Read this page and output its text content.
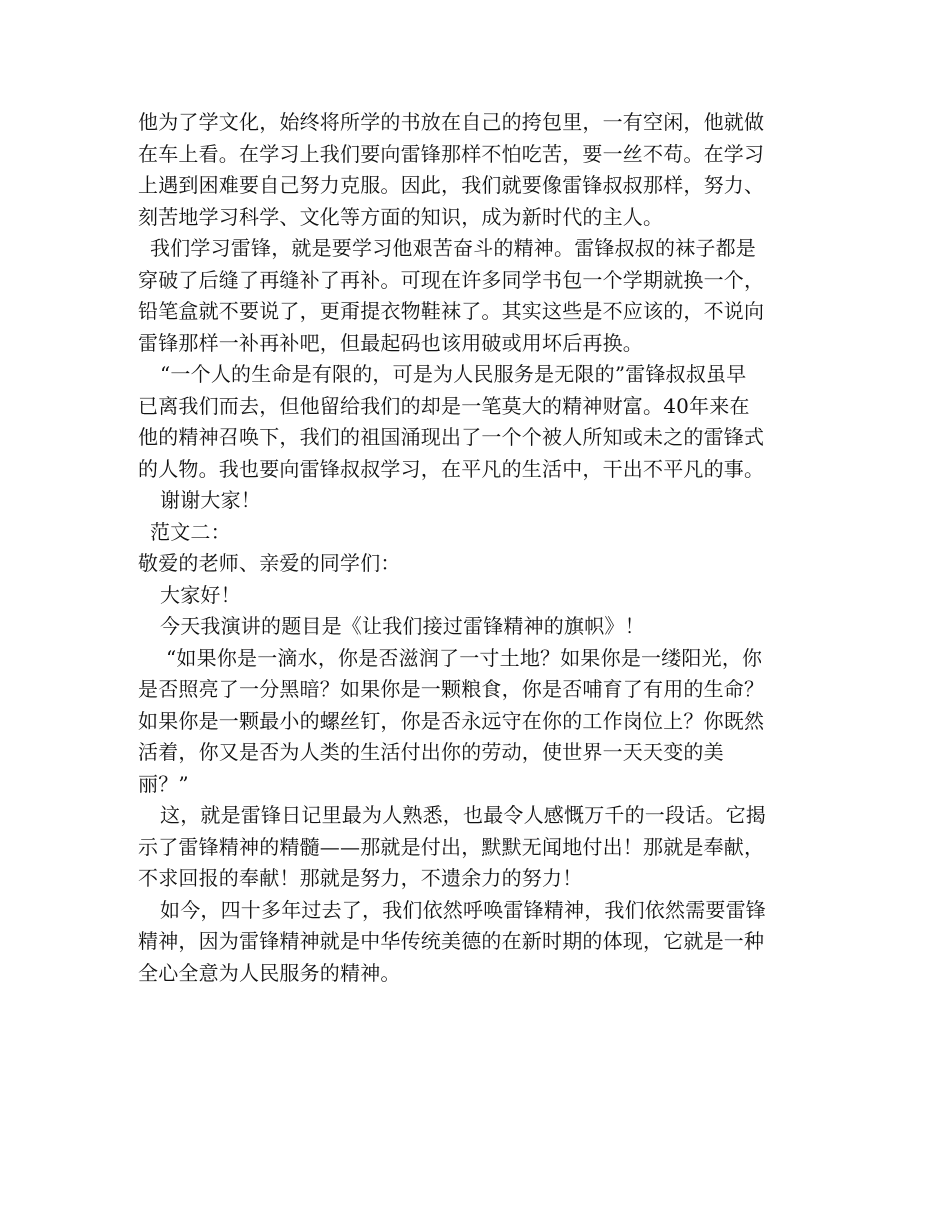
他为了学文化，始终将所学的书放在自己的挎包里，一有空闲，他就做
在车上看。在学习上我们要向雷锋那样不怕吃苦，要一丝不苟。在学习
上遇到困难要自己努力克服。因此，我们就要像雷锋叔叔那样，努力、
刻苦地学习科学、文化等方面的知识，成为新时代的主人。
我们学习雷锋，就是要学习他艰苦奋斗的精神。雷锋叔叔的袜子都是
穿破了后缝了再缝补了再补。可现在许多同学书包一个学期就换一个，
铅笔盒就不要说了，更甭提衣物鞋袜了。其实这些是不应该的，不说向
雷锋那样一补再补吧，但最起码也该用破或用坏后再换。
“一个人的生命是有限的，可是为人民服务是无限的”雷锋叔叔虽早
已离我们而去，但他留给我们的却是一笔莫大的精神财富。40年来在
他的精神召唤下，我们的祖国涌现出了一个个被人所知或未之的雷锋式
的人物。我也要向雷锋叔叔学习，在平凡的生活中，干出不平凡的事。
谢谢大家！
范文二：
敬爱的老师、亲爱的同学们：
大家好！
今天我演讲的题目是《让我们接过雷锋精神的旗帜》！
“如果你是一滴水，你是否滋润了一寸土地？如果你是一缕阳光，你
是否照亮了一分黑暗？如果你是一颗粮食，你是否哺育了有用的生命？
如果你是一颗最小的螺丝钉，你是否永远守在你的工作岗位上？你既然
活着，你又是否为人类的生活付出你的劳动，使世界一天天变的美
丽？”
这，就是雷锋日记里最为人熟悉，也最令人感慨万千的一段话。它揭
示了雷锋精神的精髓——那就是付出，默默无闻地付出！那就是奉献，
不求回报的奉献！那就是努力，不遗余力的努力！
如今，四十多年过去了，我们依然呼唤雷锋精神，我们依然需要雷锋
精神，因为雷锋精神就是中华传统美德的在新时期的体现，它就是一种
全心全意为人民服务的精神。
